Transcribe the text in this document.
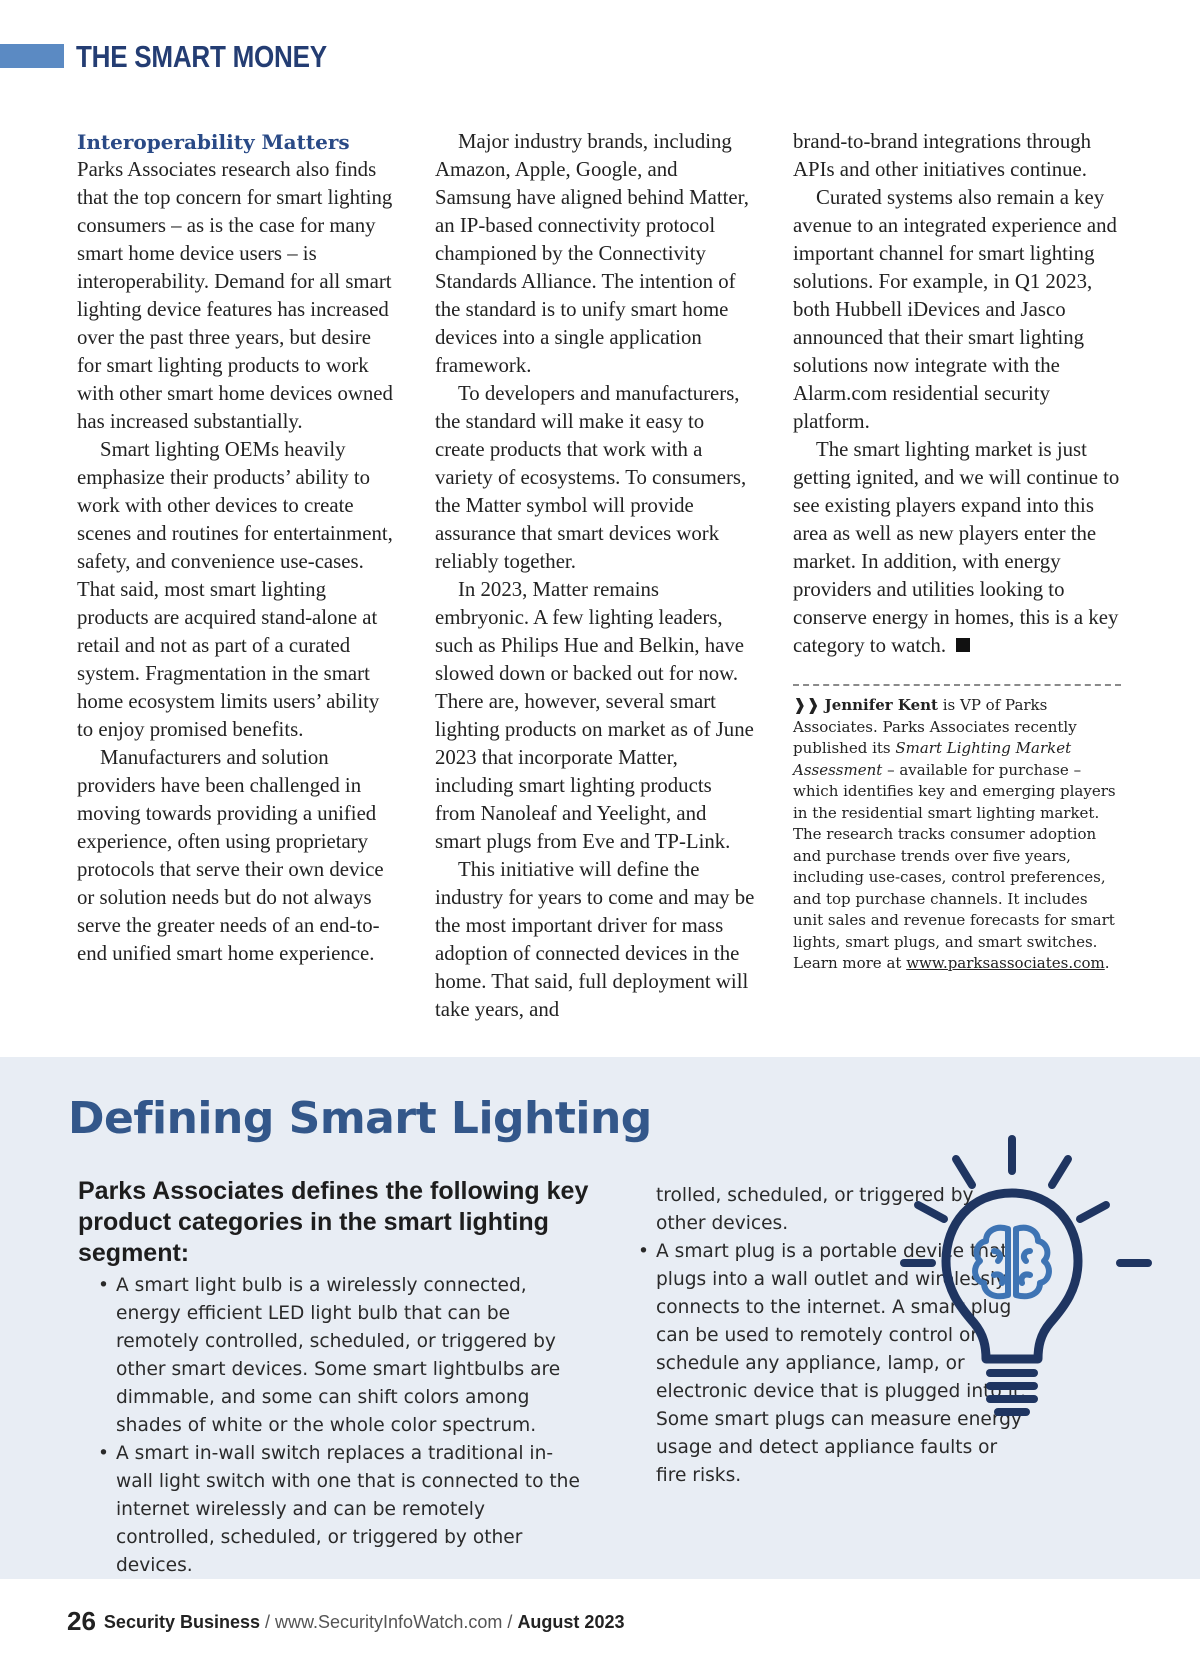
THE SMART MONEY
Interoperability Matters

Parks Associates research also finds that the top concern for smart lighting consumers – as is the case for many smart home device users – is interoperability. Demand for all smart lighting device features has increased over the past three years, but desire for smart lighting products to work with other smart home devices owned has increased substantially.

Smart lighting OEMs heavily emphasize their products’ ability to work with other devices to create scenes and routines for entertainment, safety, and convenience use-cases. That said, most smart lighting products are acquired stand-alone at retail and not as part of a curated system. Fragmentation in the smart home ecosystem limits users’ ability to enjoy promised benefits.

Manufacturers and solution providers have been challenged in moving towards providing a unified experience, often using proprietary protocols that serve their own device or solution needs but do not always serve the greater needs of an end-to-end unified smart home experience.

Major industry brands, including Amazon, Apple, Google, and Samsung have aligned behind Matter, an IP-based connectivity protocol championed by the Connectivity Standards Alliance. The intention of the standard is to unify smart home devices into a single application framework.

To developers and manufacturers, the standard will make it easy to create products that work with a variety of ecosystems. To consumers, the Matter symbol will provide assurance that smart devices work reliably together.

In 2023, Matter remains embryonic. A few lighting leaders, such as Philips Hue and Belkin, have slowed down or backed out for now. There are, however, several smart lighting products on market as of June 2023 that incorporate Matter, including smart lighting products from Nanoleaf and Yeelight, and smart plugs from Eve and TP-Link.

This initiative will define the industry for years to come and may be the most important driver for mass adoption of connected devices in the home. That said, full deployment will take years, and

brand-to-brand integrations through APIs and other initiatives continue.

Curated systems also remain a key avenue to an integrated experience and important channel for smart lighting solutions. For example, in Q1 2023, both Hubbell iDevices and Jasco announced that their smart lighting solutions now integrate with the Alarm.com residential security platform.

The smart lighting market is just getting ignited, and we will continue to see existing players expand into this area as well as new players enter the market. In addition, with energy providers and utilities looking to conserve energy in homes, this is a key category to watch.

❱❱ Jennifer Kent is VP of Parks Associates. Parks Associates recently published its Smart Lighting Market Assessment – available for purchase – which identifies key and emerging players in the residential smart lighting market. The research tracks consumer adoption and purchase trends over five years, including use-cases, control preferences, and top purchase channels. It includes unit sales and revenue forecasts for smart lights, smart plugs, and smart switches. Learn more at www.parksassociates.com.

Defining Smart Lighting

Parks Associates defines the following key product categories in the smart lighting segment:

• A smart light bulb is a wirelessly connected, energy efficient LED light bulb that can be remotely controlled, scheduled, or triggered by other smart devices. Some smart lightbulbs are dimmable, and some can shift colors among shades of white or the whole color spectrum.

• A smart in-wall switch replaces a traditional in-wall light switch with one that is connected to the internet wirelessly and can be remotely controlled, scheduled, or triggered by other devices.

trolled, scheduled, or triggered by other devices.

• A smart plug is a portable device that plugs into a wall outlet and wirelessly connects to the internet. A smart plug can be used to remotely control or schedule any appliance, lamp, or electronic device that is plugged into it. Some smart plugs can measure energy usage and detect appliance faults or fire risks.

26 Security Business / www.SecurityInfoWatch.com / August 2023
